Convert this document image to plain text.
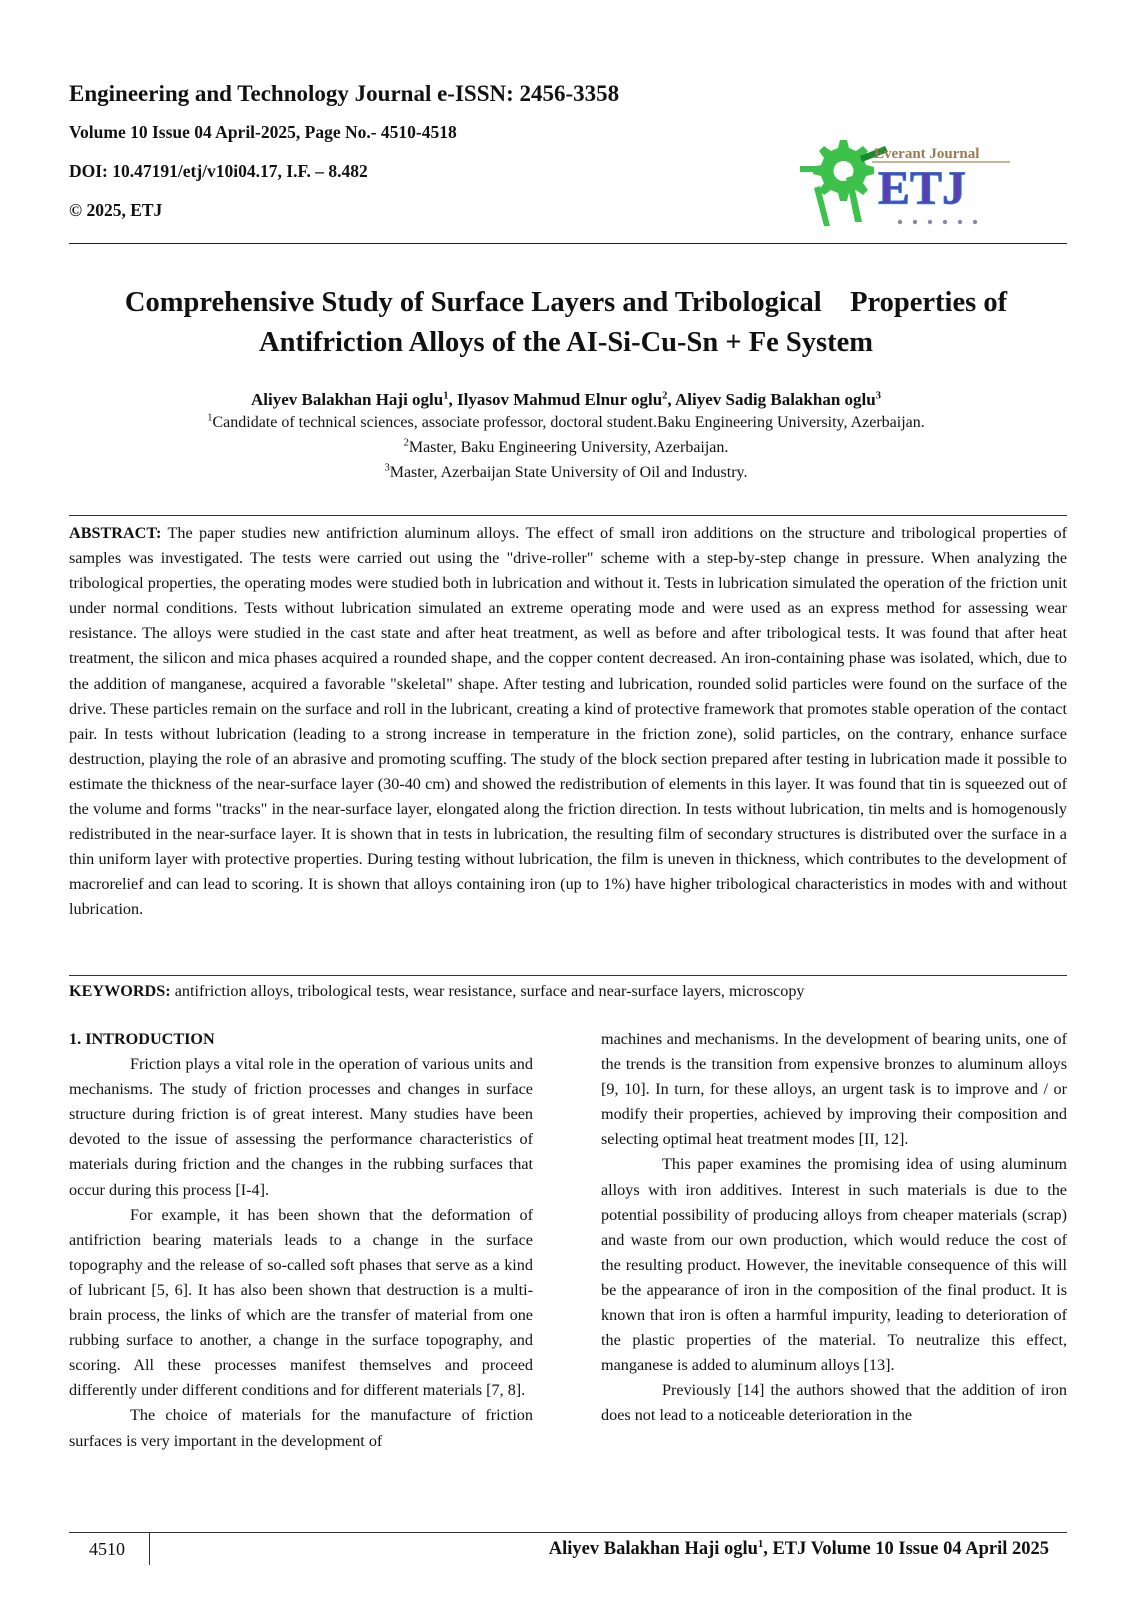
Engineering and Technology Journal e-ISSN: 2456-3358
Volume 10 Issue 04 April-2025, Page No.- 4510-4518
DOI: 10.47191/etj/v10i04.17, I.F. – 8.482
© 2025, ETJ	ETJ
Everant Journal
Comprehensive Study of Surface Layers and Tribological    Properties of
Antifriction Alloys of the AI-Si-Cu-Sn + Fe System
Aliyev Balakhan Haji oglu$^1$, Ilyasov Mahmud Elnur oglu$^2$, Aliyev Sadig Balakhan oglu$^3$
$^1$Candidate of technical sciences, associate professor, doctoral student.Baku Engineering University, Azerbaijan.
$^2$Master, Baku Engineering University, Azerbaijan.
$^3$Master, Azerbaijan State University of Oil and Industry.

ABSTRACT: The paper studies new antifriction aluminum alloys. The effect of small iron additions on the structure and tribological properties of samples was investigated. The tests were carried out using the "drive-roller" scheme with a step-by-step change in pressure. When analyzing the tribological properties, the operating modes were studied both in lubrication and without it. Tests in lubrication simulated the operation of the friction unit under normal conditions. Tests without lubrication simulated an extreme operating mode and were used as an express method for assessing wear resistance. The alloys were studied in the cast state and after heat treatment, as well as before and after tribological tests. It was found that after heat treatment, the silicon and mica phases acquired a rounded shape, and the copper content decreased. An iron-containing phase was isolated, which, due to the addition of manganese, acquired a favorable "skeletal" shape. After testing and lubrication, rounded solid particles were found on the surface of the drive. These particles remain on the surface and roll in the lubricant, creating a kind of protective framework that promotes stable operation of the contact pair. In tests without lubrication (leading to a strong increase in temperature in the friction zone), solid particles, on the contrary, enhance surface destruction, playing the role of an abrasive and promoting scuffing. The study of the block section prepared after testing in lubrication made it possible to estimate the thickness of the near-surface layer (30-40 cm) and showed the redistribution of elements in this layer. It was found that tin is squeezed out of the volume and forms "tracks" in the near-surface layer, elongated along the friction direction. In tests without lubrication, tin melts and is homogenously redistributed in the near-surface layer. It is shown that in tests in lubrication, the resulting film of secondary structures is distributed over the surface in a thin uniform layer with protective properties. During testing without lubrication, the film is uneven in thickness, which contributes to the development of macrorelief and can lead to scoring. It is shown that alloys containing iron (up to 1%) have higher tribological characteristics in modes with and without lubrication.

KEYWORDS: antifriction alloys, tribological tests, wear resistance, surface and near-surface layers, microscopy

1. INTRODUCTION

Friction plays a vital role in the operation of various units and mechanisms. The study of friction processes and changes in surface structure during friction is of great interest. Many studies have been devoted to the issue of assessing the performance characteristics of materials during friction and the changes in the rubbing surfaces that occur during this process [I-4].

For example, it has been shown that the deformation of antifriction bearing materials leads to a change in the surface topography and the release of so-called soft phases that serve as a kind of lubricant [5, 6]. It has also been shown that destruction is a multi-brain process, the links of which are the transfer of material from one rubbing surface to another, a change in the surface topography, and scoring. All these processes manifest themselves and proceed differently under different conditions and for different materials [7, 8].

The choice of materials for the manufacture of friction surfaces is very important in the development of

machines and mechanisms. In the development of bearing units, one of the trends is the transition from expensive bronzes to aluminum alloys [9, 10]. In turn, for these alloys, an urgent task is to improve and / or modify their properties, achieved by improving their composition and selecting optimal heat treatment modes [II, 12].

This paper examines the promising idea of using aluminum alloys with iron additives. Interest in such materials is due to the potential possibility of producing alloys from cheaper materials (scrap) and waste from our own production, which would reduce the cost of the resulting product. However, the inevitable consequence of this will be the appearance of iron in the composition of the final product. It is known that iron is often a harmful impurity, leading to deterioration of the plastic properties of the material. To neutralize this effect, manganese is added to aluminum alloys [13].

Previously [14] the authors showed that the addition of iron does not lead to a noticeable deterioration in the

4510	Aliyev Balakhan Haji oglu$^1$, ETJ Volume 10 Issue 04 April 2025
